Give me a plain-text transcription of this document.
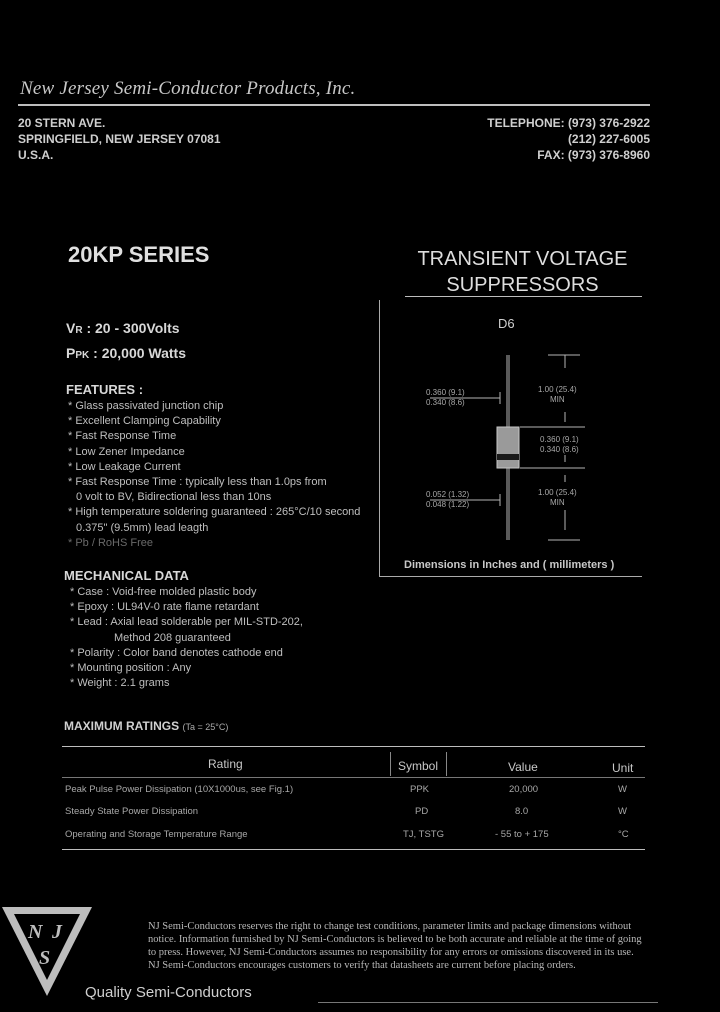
New Jersey Semi-Conductor Products, Inc.
20 STERN AVE.
SPRINGFIELD, NEW JERSEY 07081
U.S.A.
TELEPHONE: (973) 376-2922
(212) 227-6005
FAX: (973) 376-8960
20KP SERIES	TRANSIENT VOLTAGE
SUPPRESSORS
VR : 20 - 300Volts
PPK : 20,000 Watts
FEATURES :
* Glass passivated junction chip
* Excellent Clamping Capability
* Fast Response Time
* Low Zener Impedance
* Low Leakage Current
* Fast Response Time : typically less than 1.0ps from
0 volt to BV, Bidirectional less than 10ns
* High temperature soldering guaranteed : 265°C/10 second
0.375" (9.5mm) lead leagth
* Pb / RoHS Free
MECHANICAL DATA
* Case : Void-free molded plastic body
* Epoxy : UL94V-0 rate flame retardant
* Lead : Axial lead solderable per MIL-STD-202,
Method 208 guaranteed
* Polarity : Color band denotes cathode end
* Mounting position : Any
* Weight : 2.1 grams
D6
0.360 (9.1)
0.340 (8.6)
1.00 (25.4)
MIN
0.360 (9.1)
0.340 (8.6)
0.052 (1.32)
0.048 (1.22)
1.00 (25.4)
MIN
Dimensions in Inches and ( millimeters )
MAXIMUM RATINGS (Ta = 25°C)
Rating	Symbol	Value	Unit
Peak Pulse Power Dissipation (10X1000us, see Fig.1)	PPK	20,000	W
Steady State Power Dissipation	PD	8.0	W
Operating and Storage Temperature Range	TJ, TSTG	- 55 to + 175	°C
N J
S
NJ Semi-Conductors reserves the right to change test conditions, parameter limits and package dimensions without
notice. Information furnished by NJ Semi-Conductors is believed to be both accurate and reliable at the time of going
to press. However, NJ Semi-Conductors assumes no responsibility for any errors or omissions discovered in its use.
NJ Semi-Conductors encourages customers to verify that datasheets are current before placing orders.
Quality Semi-Conductors
